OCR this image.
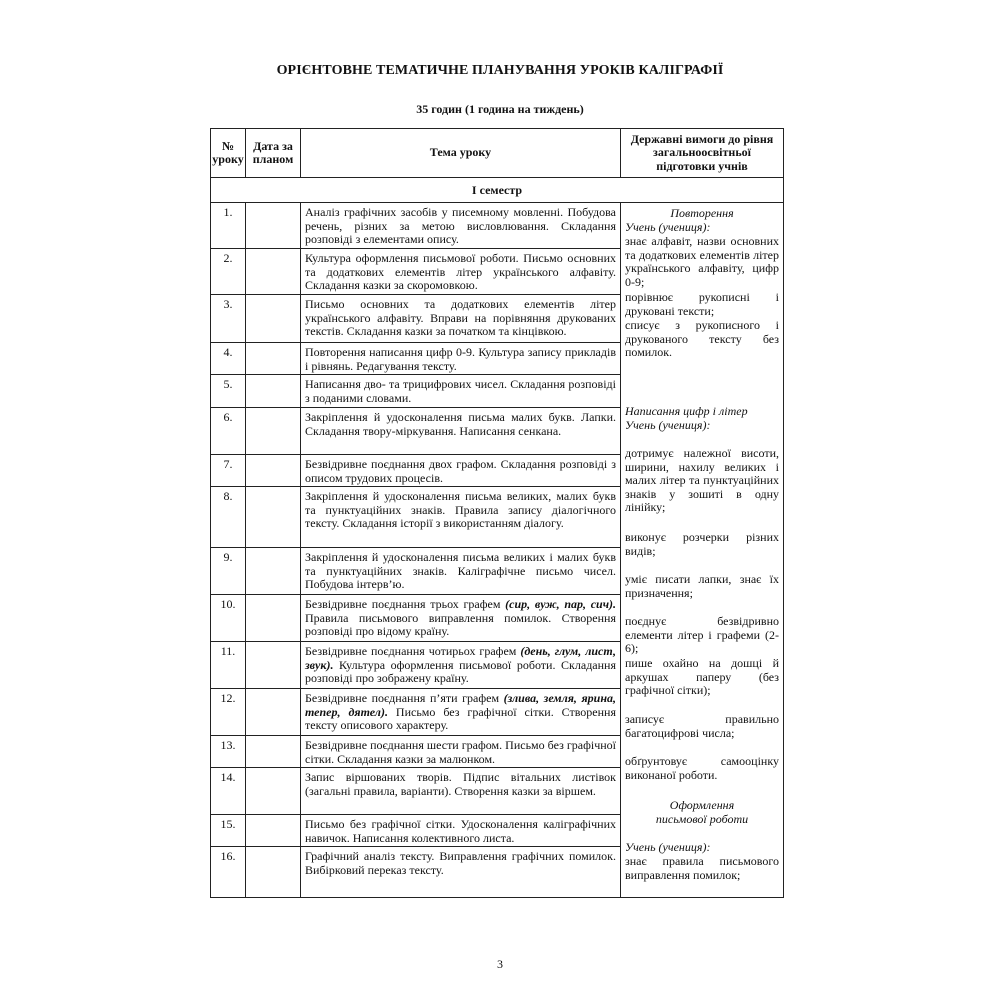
ОРІЄНТОВНЕ ТЕМАТИЧНЕ ПЛАНУВАННЯ УРОКІВ КАЛІГРАФІЇ
35 годин (1 година на тиждень)
№ уроку
Дата за планом	Тема уроку
Державні вимоги до рівня загальноосвітньої підготовки учнів
І семестр
1.
2.
3.
4.
5.
6.
7.
8.
9.
10.
11.
12.
13.
14.
15.
16.
Аналіз графічних засобів у писемному мовленні. Побудова речень, різних за метою висловлювання. Складання розповіді з елементами опису.
Культура оформлення письмової роботи. Письмо основних та додаткових елементів літер українського алфавіту. Складання казки за скоромовкою.
Письмо основних та додаткових елементів літер українського алфавіту. Вправи на порівняння друкованих текстів. Складання казки за початком та кінцівкою.
Повторення написання цифр 0-9. Культура запису прикладів і рівнянь. Редагування тексту.
Написання дво- та трицифрових чисел. Складання розповіді з поданими словами.
Закріплення й удосконалення письма малих букв. Лапки. Складання твору-міркування. Написання сенкана.
Безвідривне поєднання двох графом. Складання розповіді з описом трудових процесів.
Закріплення й удосконалення письма великих, малих букв та пунктуаційних знаків. Правила запису діалогічного тексту. Складання історії з використанням діалогу.
Закріплення й удосконалення письма великих і малих букв та пунктуаційних знаків. Каліграфічне письмо чисел. Побудова інтерв’ю.
Безвідривне поєднання трьох графем (сир, вуж, пар, сич). Правила письмового виправлення помилок. Створення розповіді про відому країну.
Безвідривне поєднання чотирьох графем (день, глум, лист, звук). Культура оформлення письмової роботи. Складання розповіді про зображену країну.
Безвідривне поєднання п’яти графем (злива, земля, ярина, тепер, дятел). Письмо без графічної сітки. Створення тексту описового характеру.
Безвідривне поєднання шести графом. Письмо без графічної сітки. Складання казки за малюнком.
Запис віршованих творів. Підпис вітальних листівок (загальні правила, варіанти). Створення казки за віршем.
Письмо без графічної сітки. Удосконалення каліграфічних навичок. Написання колективного листа.
Графічний аналіз тексту. Виправлення графічних помилок. Вибірковий переказ тексту.
Повторення
Учень (учениця):
знає алфавіт, назви основних та додаткових елементів літер українського алфавіту, цифр 0-9;
порівнює рукописні і друковані тексти;
списує з рукописного і друкованого тексту без помилок.
Написання цифр і літер
Учень (учениця):
дотримує належної висоти, ширини, нахилу великих і малих літер та пунктуаційних знаків у зошиті в одну лінійку;
виконує розчерки різних видів;
уміє писати лапки, знає їх призначення;
поєднує безвідривно елементи літер і графеми (2-6);
пише охайно на дошці й аркушах паперу (без графічної сітки);
записує правильно багатоцифрові числа;
обґрунтовує самооцінку виконаної роботи.
Оформлення письмової роботи
Учень (учениця):
знає правила письмового виправлення помилок;
3
